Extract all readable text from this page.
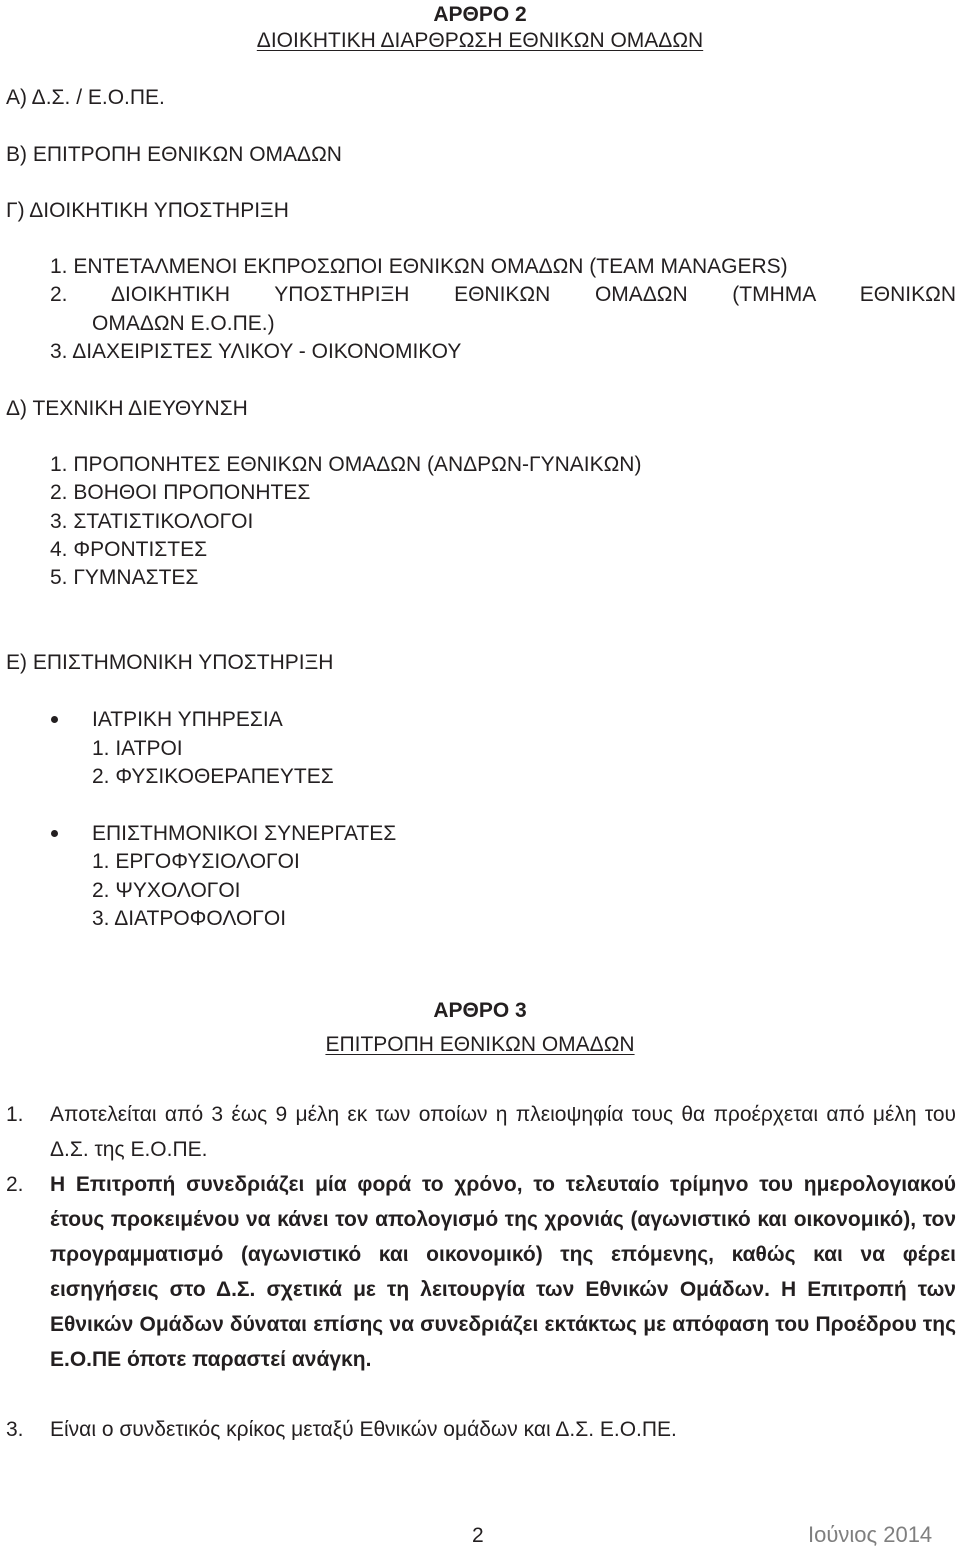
ΑΡΘΡΟ 2
ΔΙΟΙΚΗΤΙΚΗ ΔΙΑΡΘΡΩΣΗ ΕΘΝΙΚΩΝ ΟΜΑΔΩΝ
Α) Δ.Σ. / Ε.Ο.ΠΕ.
Β) ΕΠΙΤΡΟΠΗ ΕΘΝΙΚΩΝ ΟΜΑΔΩΝ
Γ) ΔΙΟΙΚΗΤΙΚΗ ΥΠΟΣΤΗΡΙΞΗ
1. ΕΝΤΕΤΑΛΜΕΝΟΙ ΕΚΠΡΟΣΩΠΟΙ ΕΘΝΙΚΩΝ ΟΜΑΔΩΝ (TEAM MANAGERS)
2. ΔΙΟΙΚΗΤΙΚΗ ΥΠΟΣΤΗΡΙΞΗ ΕΘΝΙΚΩΝ ΟΜΑΔΩΝ (ΤΜΗΜΑ ΕΘΝΙΚΩΝ
ΟΜΑΔΩΝ Ε.Ο.ΠΕ.)
3. ΔΙΑΧΕΙΡΙΣΤΕΣ ΥΛΙΚΟΥ - ΟΙΚΟΝΟΜΙΚΟΥ
Δ) ΤΕΧΝΙΚΗ ΔΙΕΥΘΥΝΣΗ
1. ΠΡΟΠΟΝΗΤΕΣ ΕΘΝΙΚΩΝ ΟΜΑΔΩΝ (ΑΝΔΡΩΝ-ΓΥΝΑΙΚΩΝ)
2. ΒΟΗΘΟΙ ΠΡΟΠΟΝΗΤΕΣ
3. ΣΤΑΤΙΣΤΙΚΟΛΟΓΟΙ
4. ΦΡΟΝΤΙΣΤΕΣ
5. ΓΥΜΝΑΣΤΕΣ
Ε) ΕΠΙΣΤΗΜΟΝΙΚΗ ΥΠΟΣΤΗΡΙΞΗ
ΙΑΤΡΙΚΗ ΥΠΗΡΕΣΙΑ
1. ΙΑΤΡΟΙ
2. ΦΥΣΙΚΟΘΕΡΑΠΕΥΤΕΣ
ΕΠΙΣΤΗΜΟΝΙΚΟΙ ΣΥΝΕΡΓΑΤΕΣ
1. ΕΡΓΟΦΥΣΙΟΛΟΓΟΙ
2. ΨΥΧΟΛΟΓΟΙ
3. ΔΙΑΤΡΟΦΟΛΟΓΟΙ
ΑΡΘΡΟ 3
ΕΠΙΤΡΟΠΗ ΕΘΝΙΚΩΝ ΟΜΑΔΩΝ
1. Αποτελείται από 3 έως 9 μέλη εκ των οποίων η πλειοψηφία τους θα προέρχεται από μέλη του Δ.Σ. της Ε.Ο.ΠΕ.
2. Η Επιτροπή συνεδριάζει μία φορά το χρόνο, το τελευταίο τρίμηνο του ημερολογιακού έτους προκειμένου να κάνει τον απολογισμό της χρονιάς (αγωνιστικό και οικονομικό), τον προγραμματισμό (αγωνιστικό και οικονομικό) της επόμενης, καθώς και να φέρει εισηγήσεις στο Δ.Σ. σχετικά με τη λειτουργία των Εθνικών Ομάδων. Η Επιτροπή των Εθνικών Ομάδων δύναται επίσης να συνεδριάζει εκτάκτως με απόφαση του Προέδρου της Ε.Ο.ΠΕ όποτε παραστεί ανάγκη.
3. Είναι ο συνδετικός κρίκος μεταξύ Εθνικών ομάδων και Δ.Σ. Ε.Ο.ΠΕ.
2	Ιούνιος 2014
